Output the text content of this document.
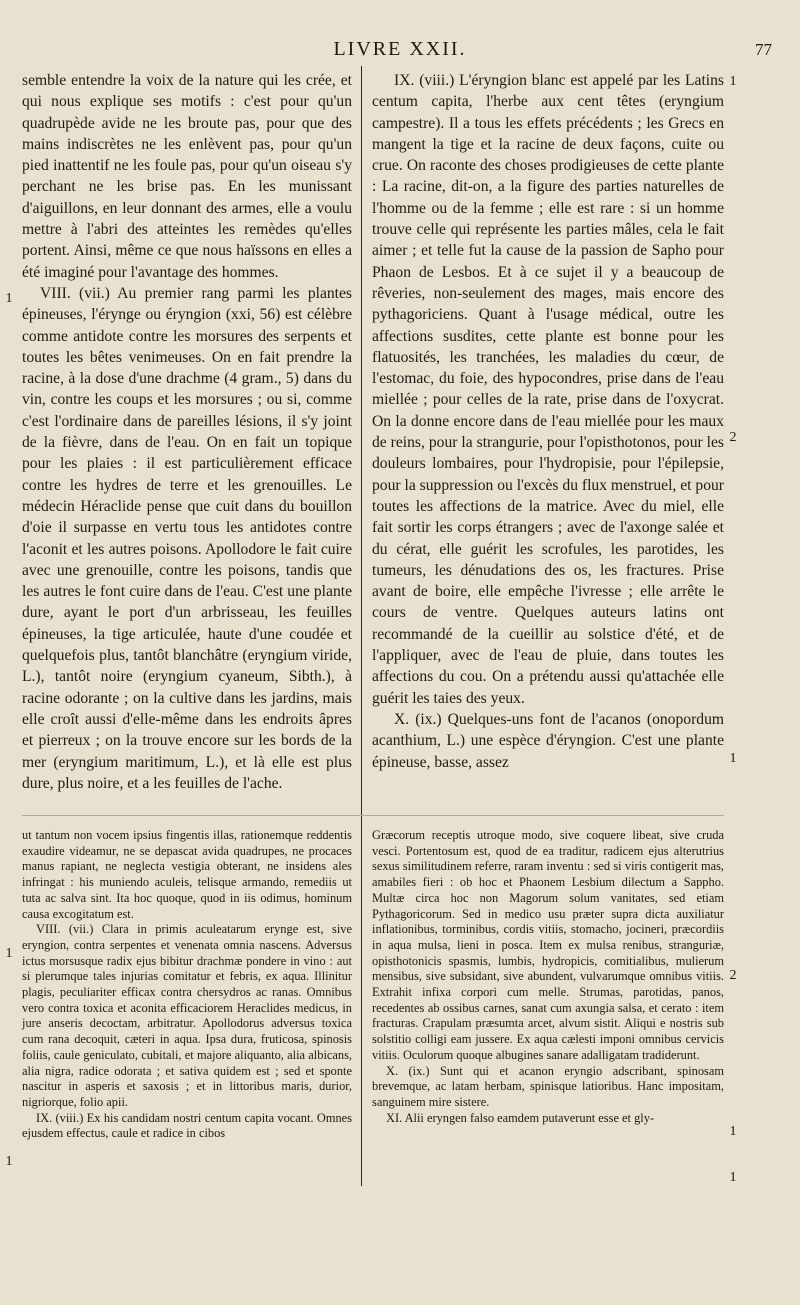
LIVRE XXII.	77

semble entendre la voix de la nature qui les crée, et qui nous explique ses motifs : c'est pour qu'un quadrupède avide ne les broute pas, pour que des mains indiscrètes ne les enlèvent pas, pour qu'un pied inattentif ne les foule pas, pour qu'un oiseau s'y perchant ne les brise pas. En les munissant d'aiguillons, en leur donnant des armes, elle a voulu mettre à l'abri des atteintes les remèdes qu'elles portent. Ainsi, même ce que nous haïssons en elles a été imaginé pour l'avantage des hommes.

VIII. (vii.) Au premier rang parmi les plantes épineuses, l'érynge ou éryngion (xxi, 56) est célèbre comme antidote contre les morsures des serpents et toutes les bêtes venimeuses. On en fait prendre la racine, à la dose d'une drachme (4 gram., 5) dans du vin, contre les coups et les morsures ; ou si, comme c'est l'ordinaire dans de pareilles lésions, il s'y joint de la fièvre, dans de l'eau. On en fait un topique pour les plaies : il est particulièrement efficace contre les hydres de terre et les grenouilles. Le médecin Héraclide pense que cuit dans du bouillon d'oie il surpasse en vertu tous les antidotes contre l'aconit et les autres poisons. Apollodore le fait cuire avec une grenouille, contre les poisons, tandis que les autres le font cuire dans de l'eau. C'est une plante dure, ayant le port d'un arbrisseau, les feuilles épineuses, la tige articulée, haute d'une coudée et quelquefois plus, tantôt blanchâtre (eryngium viride, L.), tantôt noire (eryngium cyaneum, Sibth.), à racine odorante ; on la cultive dans les jardins, mais elle croît aussi d'elle-même dans les endroits âpres et pierreux ; on la trouve encore sur les bords de la mer (eryngium maritimum, L.), et là elle est plus dure, plus noire, et a les feuilles de l'ache.

IX. (viii.) L'éryngion blanc est appelé par les Latins centum capita, l'herbe aux cent têtes (eryngium campestre). Il a tous les effets précédents ; les Grecs en mangent la tige et la racine de deux façons, cuite ou crue. On raconte des choses prodigieuses de cette plante : La racine, dit-on, a la figure des parties naturelles de l'homme ou de la femme ; elle est rare : si un homme trouve celle qui représente les parties mâles, cela le fait aimer ; et telle fut la cause de la passion de Sapho pour Phaon de Lesbos. Et à ce sujet il y a beaucoup de rêveries, non-seulement des mages, mais encore des pythagoriciens. Quant à l'usage médical, outre les affections susdites, cette plante est bonne pour les flatuosités, les tranchées, les maladies du cœur, de l'estomac, du foie, des hypocondres, prise dans de l'eau miellée ; pour celles de la rate, prise dans de l'oxycrat. On la donne encore dans de l'eau miellée pour les maux de reins, pour la strangurie, pour l'opisthotonos, pour les douleurs lombaires, pour l'hydropisie, pour l'épilepsie, pour la suppression ou l'excès du flux menstruel, et pour toutes les affections de la matrice. Avec du miel, elle fait sortir les corps étrangers ; avec de l'axonge salée et du cérat, elle guérit les scrofules, les parotides, les tumeurs, les dénudations des os, les fractures. Prise avant de boire, elle empêche l'ivresse ; elle arrête le cours de ventre. Quelques auteurs latins ont recommandé de la cueillir au solstice d'été, et de l'appliquer, avec de l'eau de pluie, dans toutes les affections du cou. On a prétendu aussi qu'attachée elle guérit les taies des yeux.

X. (ix.) Quelques-uns font de l'acanos (onopordum acanthium, L.) une espèce d'éryngion. C'est une plante épineuse, basse, assez

ut tantum non vocem ipsius fingentis illas, rationemque reddentis exaudire videamur, ne se depascat avida quadrupes, ne procaces manus rapiant, ne neglecta vestigia obterant, ne insidens ales infringat : his muniendo aculeis, telisque armando, remediis ut tuta ac salva sint. Ita hoc quoque, quod in iis odimus, hominum causa excogitatum est.

VIII. (vii.) Clara in primis aculeatarum eryngе est, sive eryngion, contra serpentes et venenata omnia nascens. Adversus ictus morsusque radix ejus bibitur drachmæ pondere in vino : aut si plerumque tales injurias comitatur et febris, ex aqua. Illinitur plagis, peculiariter efficax contra chersydros ac ranas. Omnibus vero contra toxica et aconita efficaciorem Heraclides medicus, in jure anseris decoctam, arbitratur. Apollodorus adversus toxica cum rana decoquit, cæteri in aqua. Ipsa dura, fruticosa, spinosis foliis, caule geniculato, cubitali, et majore aliquanto, alia albicans, alia nigra, radice odorata ; et sativa quidem est ; sed et sponte nascitur in asperis et saxosis ; et in littoribus maris, durior, nigriorque, folio apii.

IX. (viii.) Ex his candidam nostri centum capita vocant. Omnes ejusdem effectus, caule et radice in cibos

Græcorum receptis utroque modo, sive coquere libeat, sive cruda vesci. Portentosum est, quod de ea traditur, radicem ejus alterutrius sexus similitudinem referre, raram inventu : sed si viris contigerit mas, amabiles fieri : ob hoc et Phaonem Lesbium dilectum a Sappho. Multæ circa hoc non Magorum solum vanitates, sed etiam Pythagoricorum. Sed in medico usu præter supra dicta auxiliatur inflationibus, torminibus, cordis vitiis, stomacho, jocineri, præcordiis in aqua mulsa, lieni in posca. Item ex mulsa renibus, stranguriæ, opisthotonicis spasmis, lumbis, hydropicis, comitialibus, mulierum mensibus, sive subsidant, sive abundent, vulvarumque omnibus vitiis. Extrahit infixa corpori cum melle. Strumas, parotidas, panos, recedentes ab ossibus carnes, sanat cum axungia salsa, et cerato : item fracturas. Crapulam præsumta arcet, alvum sistit. Aliqui e nostris sub solstitio colligi eam jussere. Ex aqua cælesti imponi omnibus cervicis vitiis. Oculorum quoque albugines sanare adalligatam tradiderunt.

X. (ix.) Sunt qui et acanon eryngio adscribant, spinosam brevemque, ac latam herbam, spinisque latioribus. Hanc impositam, sanguinem mire sistere.

XI. Alii eryngen falso eamdem putaverunt esse et gly-

1
1
2
1
1
1
2
1
1
